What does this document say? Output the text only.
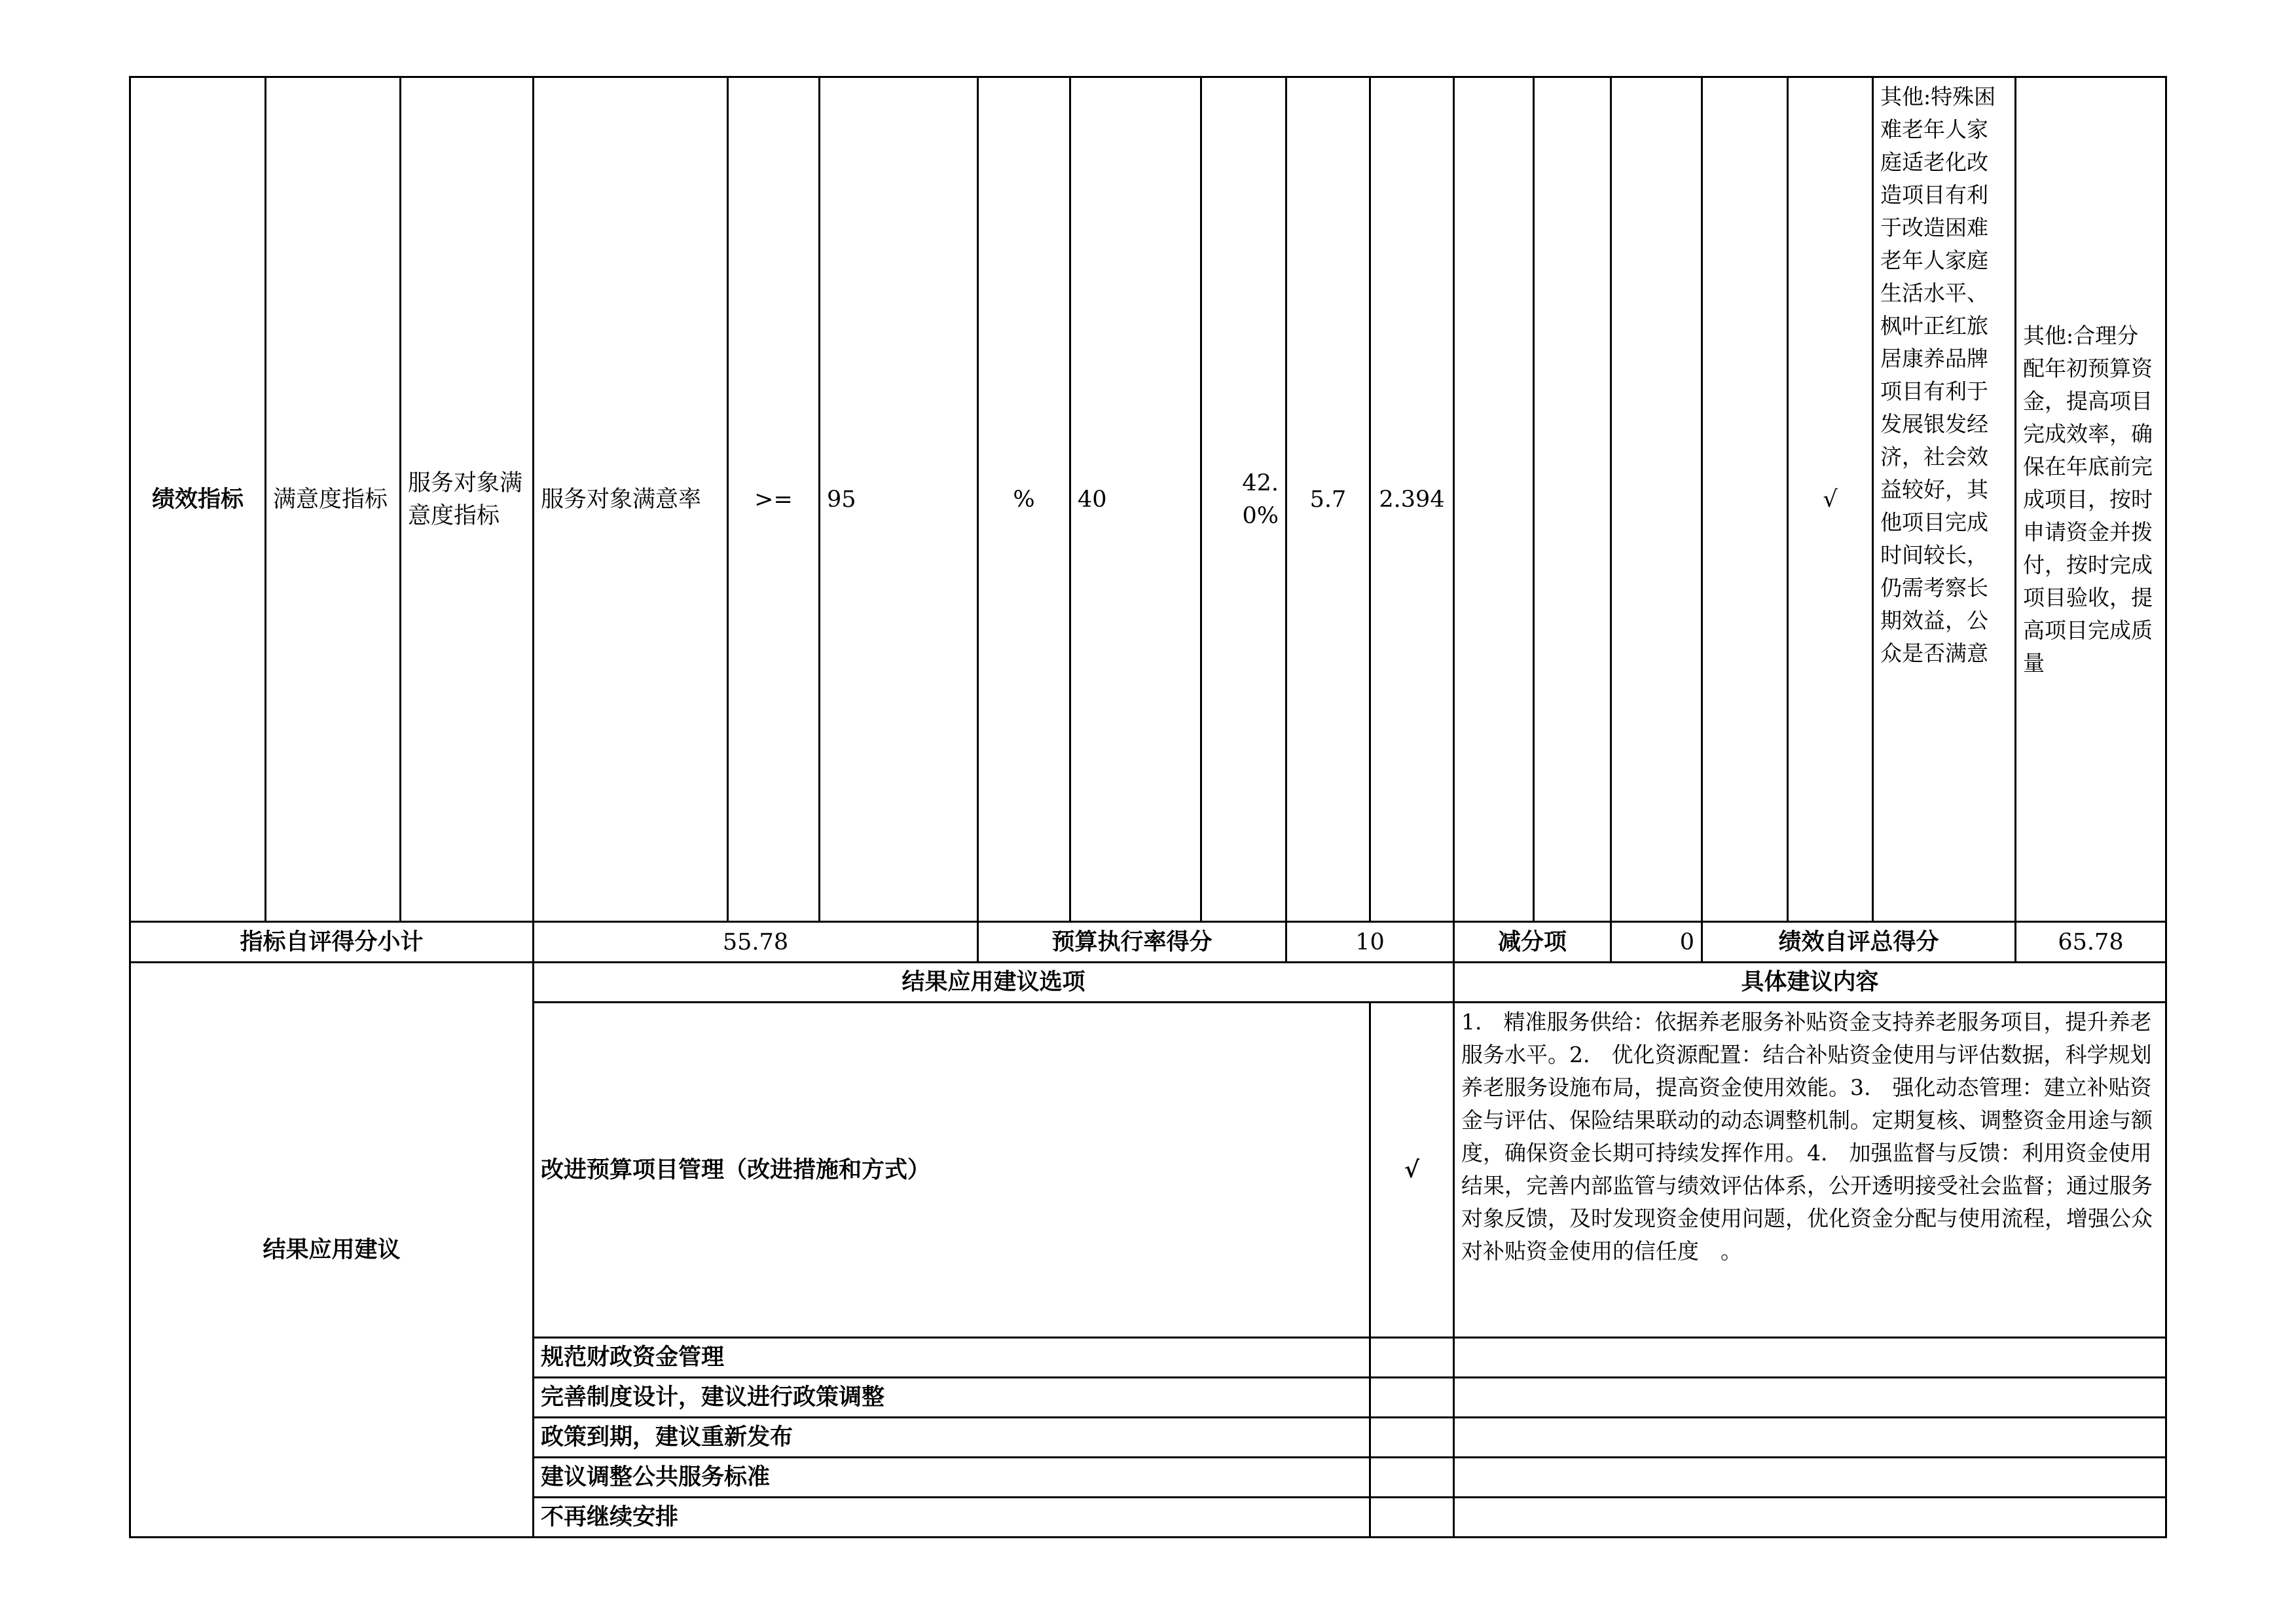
绩效指标	满意度指标	服务对象满意度指标	服务对象满意率	>=	95	%	40	42.0%	5.7	2.394					√	其他:特殊困难老年人家庭适老化改造项目有利于改造困难老年人家庭生活水平、枫叶正红旅居康养品牌项目有利于发展银发经济，社会效益较好，其他项目完成时间较长，仍需考察长期效益，公众是否满意	其他:合理分配年初预算资金，提高项目完成效率，确保在年底前完成项目，按时申请资金并拨付，按时完成项目验收，提高项目完成质量
指标自评得分小计			55.78			预算执行率得分			10		减分项		0	绩效自评总得分			65.78
结果应用建议			结果应用建议选项								具体建议内容						
			改进预算项目管理（改进措施和方式）							√	1.　精准服务供给：依据养老服务补贴资金支持养老服务项目，提升养老服务水平。2.　优化资源配置：结合补贴资金使用与评估数据，科学规划养老服务设施布局，提高资金使用效能。3.　强化动态管理：建立补贴资金与评估、保险结果联动的动态调整机制。定期复核、调整资金用途与额度，确保资金长期可持续发挥作用。4.　加强监督与反馈：利用资金使用结果，完善内部监管与绩效评估体系，公开透明接受社会监督；通过服务对象反馈，及时发现资金使用问题，优化资金分配与使用流程，增强公众对补贴资金使用的信任度　。						
			规范财政资金管理														
			完善制度设计，建议进行政策调整														
			政策到期，建议重新发布														
			建议调整公共服务标准														
			不再继续安排														
